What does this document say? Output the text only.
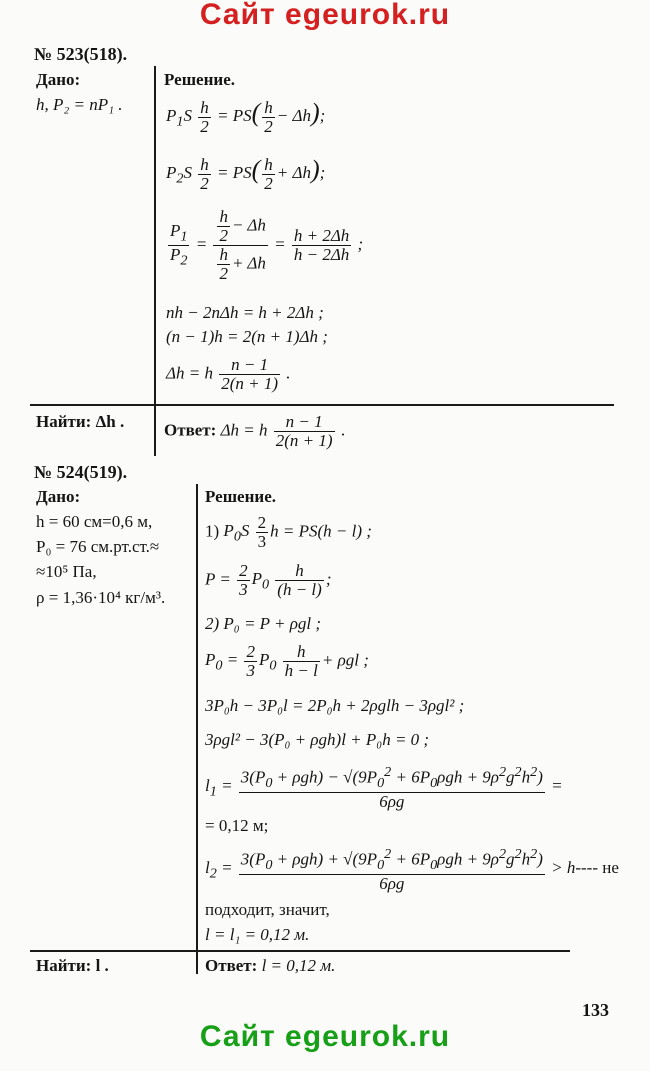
Сайт egeurok.ru
№ 523(518).
Дано:
h, P₂ = nP₁ .
Решение.
$P_1S \frac{h}{2} = PS( \frac{h}{2} - \Delta h)$;
$P_2S \frac{h}{2} = PS( \frac{h}{2} + \Delta h)$;
$\frac{P_1}{P_2} = \frac{\frac{h}{2} - \Delta h}{\frac{h}{2} + \Delta h} = \frac{h + 2\Delta h}{h - 2\Delta h}$ ;
nh − 2nΔh = h + 2Δh ;
(n − 1)h = 2(n + 1)Δh ;
Δh = h $\frac{n - 1}{2(n + 1)}$ .
Найти: Δh . Ответ: Δh = h $\frac{n - 1}{2(n + 1)}$ .
№ 524(519).
Дано:
h = 60 см=0,6 м,
P₀ = 76 см.рт.ст.≈
≈10⁵ Па,
ρ = 1,36·10⁴ кг/м³.
Решение.
1) $P_0S \frac{2}{3}$ h = PS(h − l) ;
$P = \frac{2}{3} P_0 \frac{h}{(h - l)}$ ;
2) P₀ = P + ρgl ;
$P_0 = \frac{2}{3} P_0 \frac{h}{h - l} + \rho gl$ ;
3P₀h − 3P₀l = 2P₀h + 2ρglh − 3ρgl² ;
3ρgl² − 3(P₀ + ρgh)l + P₀h = 0 ;
$l_1 = \frac{3(P_0 + \rho gh) - √(9P_0^2 + 6P_0\rho gh + 9\rho^2g^2h^2)}{6\rho g}$ =
= 0,12 м;
$l_2 = \frac{3(P_0 + \rho gh) + √(9P_0^2 + 6P_0\rho gh + 9\rho^2g^2h^2)}{6\rho g} > h----$ не
подходит, значит,
l = l₁ = 0,12 м.
Найти: l .	Ответ: l = 0,12 м.
133
Сайт egeurok.ru
